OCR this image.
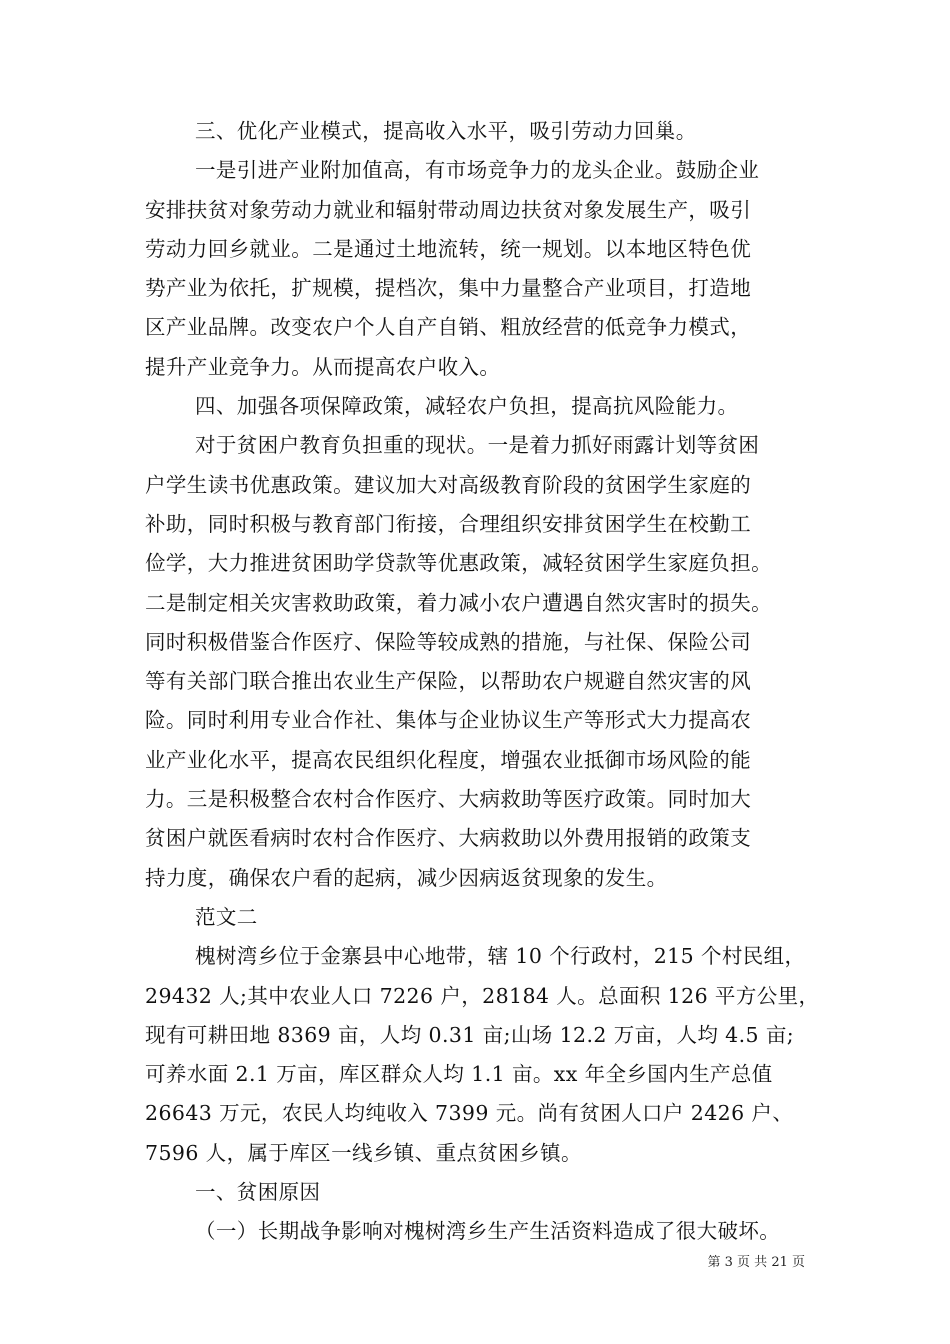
三、优化产业模式，提高收入水平，吸引劳动力回巢。
一是引进产业附加值高，有市场竞争力的龙头企业。鼓励企业
安排扶贫对象劳动力就业和辐射带动周边扶贫对象发展生产，吸引
劳动力回乡就业。二是通过土地流转，统一规划。以本地区特色优
势产业为依托，扩规模，提档次，集中力量整合产业项目，打造地
区产业品牌。改变农户个人自产自销、粗放经营的低竞争力模式，
提升产业竞争力。从而提高农户收入。
四、加强各项保障政策，减轻农户负担，提高抗风险能力。
对于贫困户教育负担重的现状。一是着力抓好雨露计划等贫困
户学生读书优惠政策。建议加大对高级教育阶段的贫困学生家庭的
补助，同时积极与教育部门衔接，合理组织安排贫困学生在校勤工
俭学，大力推进贫困助学贷款等优惠政策，减轻贫困学生家庭负担。
二是制定相关灾害救助政策，着力减小农户遭遇自然灾害时的损失。
同时积极借鉴合作医疗、保险等较成熟的措施，与社保、保险公司
等有关部门联合推出农业生产保险，以帮助农户规避自然灾害的风
险。同时利用专业合作社、集体与企业协议生产等形式大力提高农
业产业化水平，提高农民组织化程度，增强农业抵御市场风险的能
力。三是积极整合农村合作医疗、大病救助等医疗政策。同时加大
贫困户就医看病时农村合作医疗、大病救助以外费用报销的政策支
持力度，确保农户看的起病，减少因病返贫现象的发生。
范文二
槐树湾乡位于金寨县中心地带，辖 10 个行政村，215 个村民组，
29432 人;其中农业人口 7226 户，28184 人。总面积 126 平方公里，
现有可耕田地 8369 亩，人均 0.31 亩;山场 12.2 万亩，人均 4.5 亩;
可养水面 2.1 万亩，库区群众人均 1.1 亩。xx 年全乡国内生产总值
26643 万元，农民人均纯收入 7399 元。尚有贫困人口户 2426 户、
7596 人，属于库区一线乡镇、重点贫困乡镇。
一、贫困原因
（一）长期战争影响对槐树湾乡生产生活资料造成了很大破坏。
第 3 页 共 21 页
